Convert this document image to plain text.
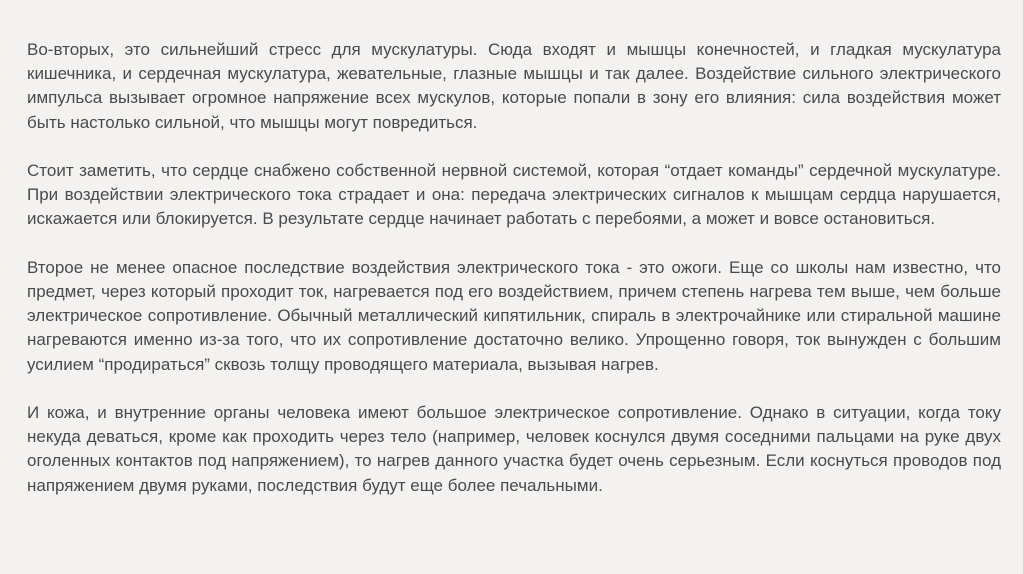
Во-вторых, это сильнейший стресс для мускулатуры. Сюда входят и мышцы конечностей, и гладкая мускулатура кишечника, и сердечная мускулатура, жевательные, глазные мышцы и так далее. Воздействие сильного электрического импульса вызывает огромное напряжение всех мускулов, которые попали в зону его влияния: сила воздействия может быть настолько сильной, что мышцы могут повредиться.

Стоит заметить, что сердце снабжено собственной нервной системой, которая “отдает команды” сердечной мускулатуре. При воздействии электрического тока страдает и она: передача электрических сигналов к мышцам сердца нарушается, искажается или блокируется. В результате сердце начинает работать с перебоями, а может и вовсе остановиться.

Второе не менее опасное последствие воздействия электрического тока - это ожоги. Еще со школы нам известно, что предмет, через который проходит ток, нагревается под его воздействием, причем степень нагрева тем выше, чем больше электрическое сопротивление. Обычный металлический кипятильник, спираль в электрочайнике или стиральной машине нагреваются именно из-за того, что их сопротивление достаточно велико. Упрощенно говоря, ток вынужден с большим усилием “продираться” сквозь толщу проводящего материала, вызывая нагрев.

И кожа, и внутренние органы человека имеют большое электрическое сопротивление. Однако в ситуации, когда току некуда деваться, кроме как проходить через тело (например, человек коснулся двумя соседними пальцами на руке двух оголенных контактов под напряжением), то нагрев данного участка будет очень серьезным. Если коснуться проводов под напряжением двумя руками, последствия будут еще более печальными.
